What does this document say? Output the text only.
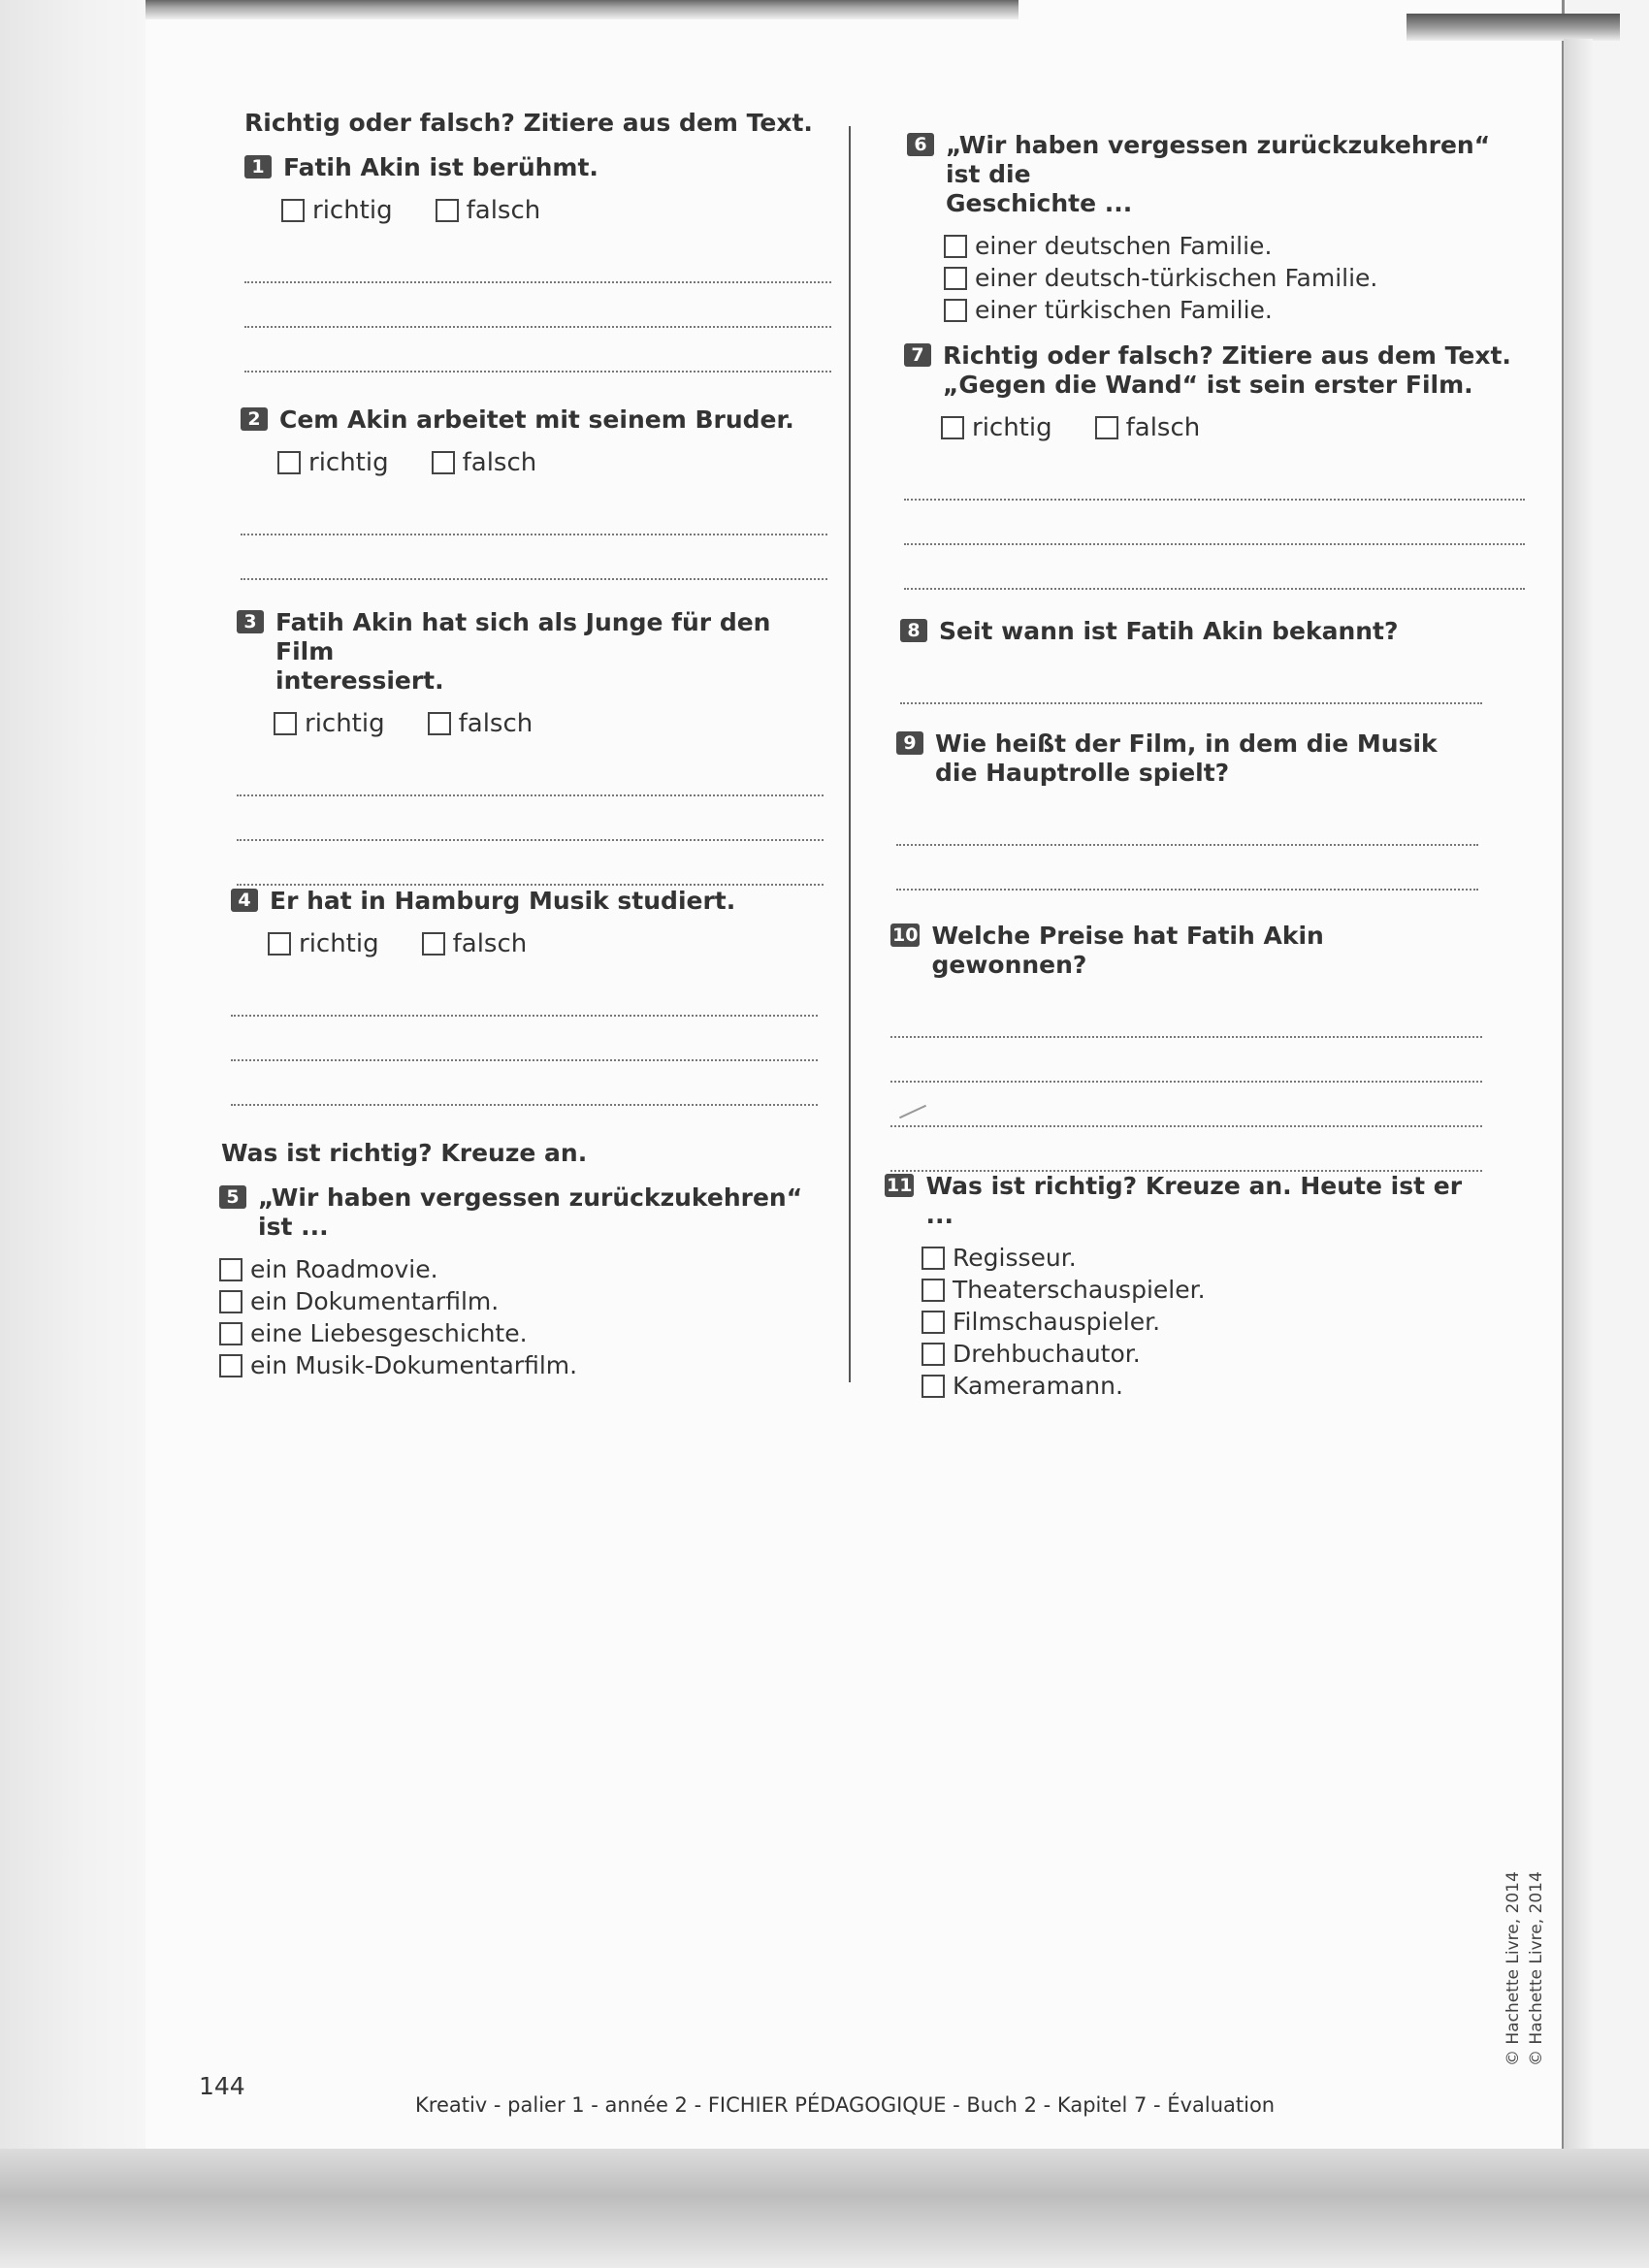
Richtig oder falsch? Zitiere aus dem Text.
1 Fatih Akin ist berühmt.
richtig	falsch
2 Cem Akin arbeitet mit seinem Bruder.
richtig	falsch
3 Fatih Akin hat sich als Junge für den Film
interessiert.
richtig	falsch
4 Er hat in Hamburg Musik studiert.
richtig	falsch
Was ist richtig? Kreuze an.
5 „Wir haben vergessen zurückzukehren“ ist ...
ein Roadmovie.
ein Dokumentarfilm.
eine Liebesgeschichte.
ein Musik-Dokumentarfilm.
6 „Wir haben vergessen zurückzukehren“ ist die
Geschichte ...
einer deutschen Familie.
einer deutsch-türkischen Familie.
einer türkischen Familie.
7 Richtig oder falsch? Zitiere aus dem Text.
„Gegen die Wand“ ist sein erster Film.
richtig	falsch
8 Seit wann ist Fatih Akin bekannt?
9 Wie heißt der Film, in dem die Musik
die Hauptrolle spielt?
10 Welche Preise hat Fatih Akin gewonnen?
11 Was ist richtig? Kreuze an. Heute ist er ...
Regisseur.
Theaterschauspieler.
Filmschauspieler.
Drehbuchautor.
Kameramann.
144
Kreativ - palier 1 - année 2 - FICHIER PÉDAGOGIQUE - Buch 2 - Kapitel 7 - Évaluation
© Hachette Livre, 2014 © Hachette Livre, 2014
